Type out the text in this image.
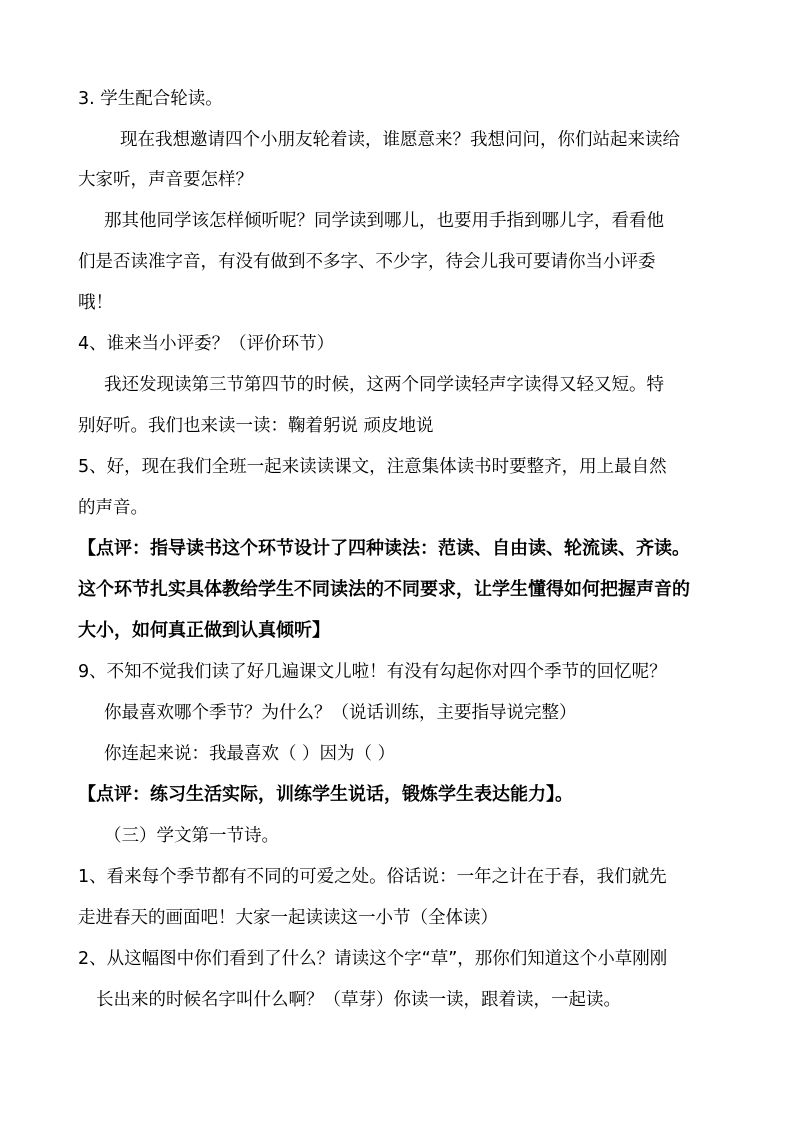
3. 学生配合轮读。

现在我想邀请四个小朋友轮着读，谁愿意来？我想问问，你们站起来读给

大家听，声音要怎样？

那其他同学该怎样倾听呢？同学读到哪儿，也要用手指到哪儿字，看看他

们是否读准字音，有没有做到不多字、不少字，待会儿我可要请你当小评委

哦！

4、谁来当小评委？（评价环节）

我还发现读第三节第四节的时候，这两个同学读轻声字读得又轻又短。特

别好听。我们也来读一读：鞠着躬说 顽皮地说

5、好，现在我们全班一起来读读课文，注意集体读书时要整齐，用上最自然

的声音。

【点评：指导读书这个环节设计了四种读法：范读、自由读、轮流读、齐读。

这个环节扎实具体教给学生不同读法的不同要求，让学生懂得如何把握声音的

大小，如何真正做到认真倾听】

9、不知不觉我们读了好几遍课文儿啦！有没有勾起你对四个季节的回忆呢？

你最喜欢哪个季节？为什么？（说话训练，主要指导说完整）

你连起来说：我最喜欢（ ）因为（ ）

【点评：练习生活实际，训练学生说话，锻炼学生表达能力】。

（三）学文第一节诗。

1、看来每个季节都有不同的可爱之处。俗话说：一年之计在于春，我们就先

走进春天的画面吧！大家一起读读这一小节（全体读）

2、从这幅图中你们看到了什么？请读这个字“草”，那你们知道这个小草刚刚

长出来的时候名字叫什么啊？（草芽）你读一读，跟着读，一起读。
